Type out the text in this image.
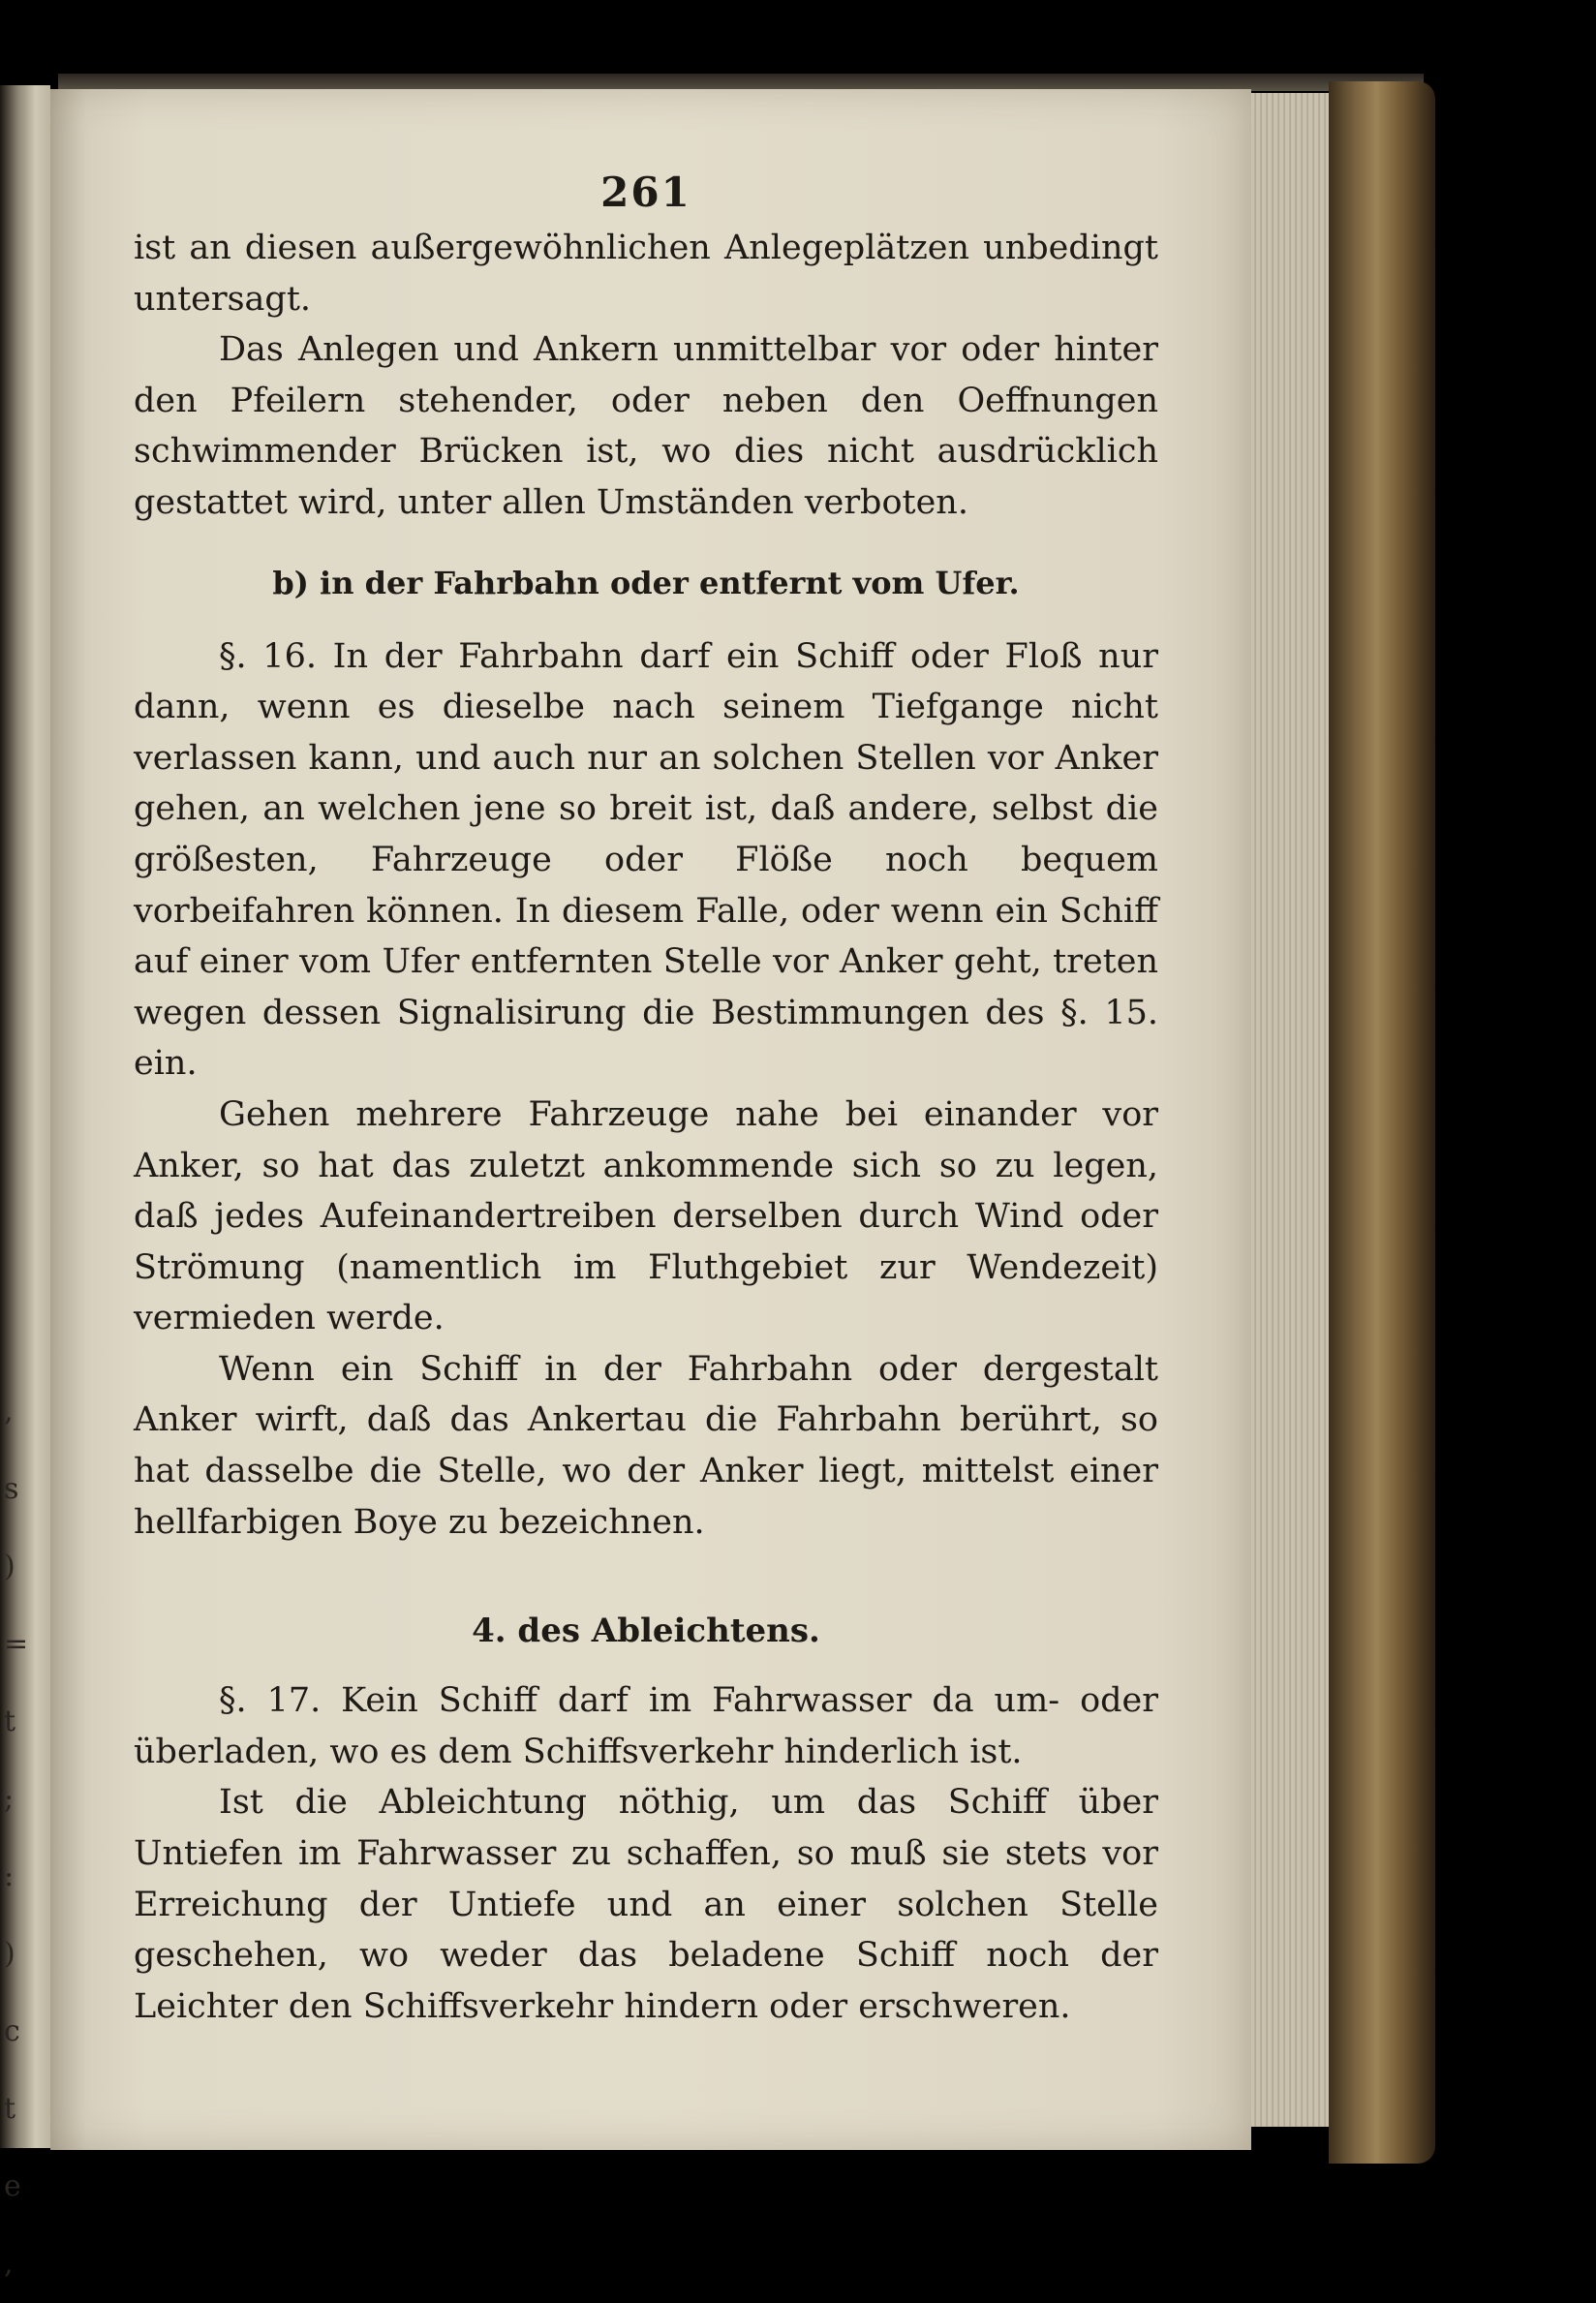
,
s
)
=
t
;
:
)
c
t
e
,
261

ist an diesen außergewöhnlichen Anlegeplätzen unbedingt untersagt.

Das Anlegen und Ankern unmittelbar vor oder hinter den Pfeilern stehender, oder neben den Oeffnungen schwimmender Brücken ist, wo dies nicht ausdrücklich gestattet wird, unter allen Umständen verboten.

b) in der Fahrbahn oder entfernt vom Ufer.

§. 16. In der Fahrbahn darf ein Schiff oder Floß nur dann, wenn es dieselbe nach seinem Tiefgange nicht verlassen kann, und auch nur an solchen Stellen vor Anker gehen, an welchen jene so breit ist, daß andere, selbst die größesten, Fahrzeuge oder Flöße noch bequem vorbeifahren können. In diesem Falle, oder wenn ein Schiff auf einer vom Ufer entfernten Stelle vor Anker geht, treten wegen dessen Signalisirung die Bestimmungen des §. 15. ein.

Gehen mehrere Fahrzeuge nahe bei einander vor Anker, so hat das zuletzt ankommende sich so zu legen, daß jedes Aufeinandertreiben derselben durch Wind oder Strömung (namentlich im Fluthgebiet zur Wendezeit) vermieden werde.

Wenn ein Schiff in der Fahrbahn oder dergestalt Anker wirft, daß das Ankertau die Fahrbahn berührt, so hat dasselbe die Stelle, wo der Anker liegt, mittelst einer hellfarbigen Boye zu bezeichnen.

4. des Ableichtens.

§. 17. Kein Schiff darf im Fahrwasser da um- oder überladen, wo es dem Schiffsverkehr hinderlich ist.

Ist die Ableichtung nöthig, um das Schiff über Untiefen im Fahrwasser zu schaffen, so muß sie stets vor Erreichung der Untiefe und an einer solchen Stelle geschehen, wo weder das beladene Schiff noch der Leichter den Schiffsverkehr hindern oder erschweren.
